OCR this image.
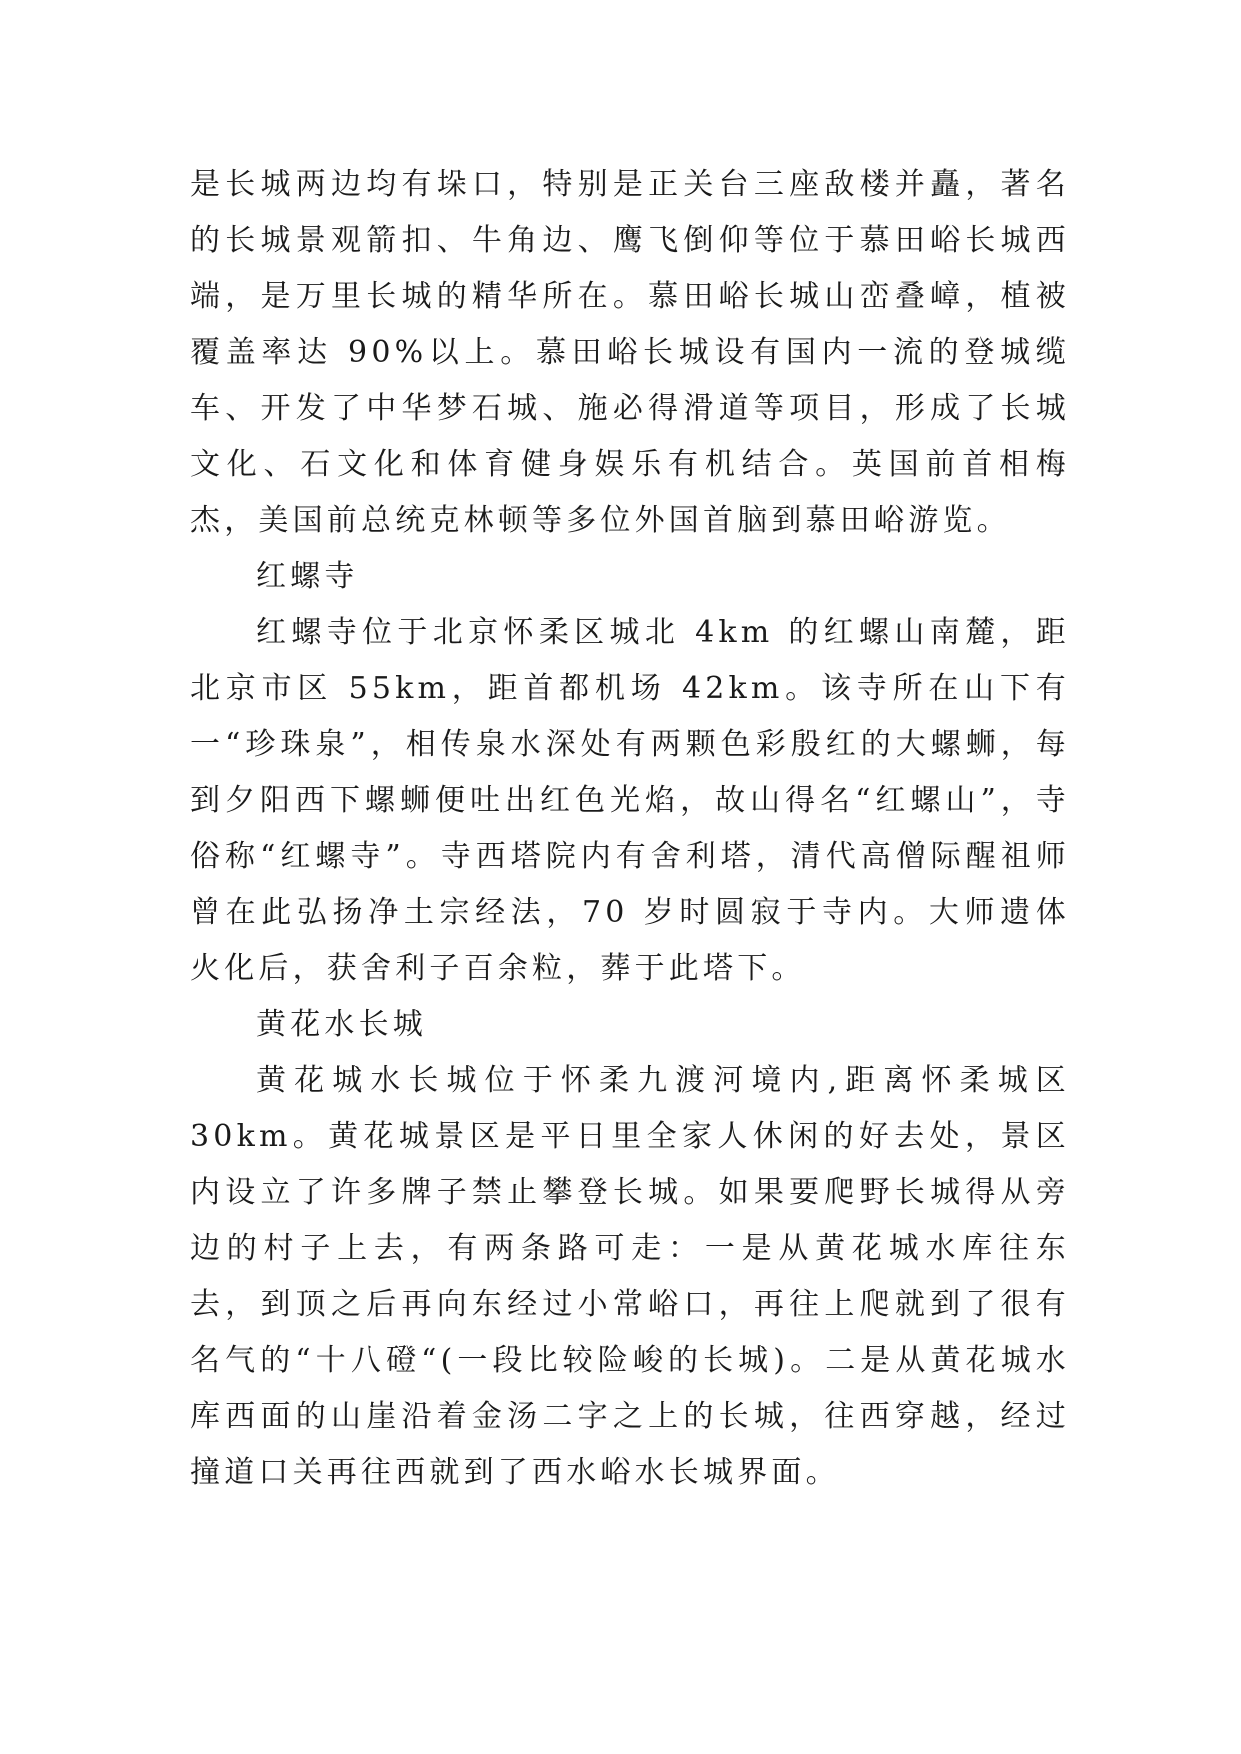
是长城两边均有垛口，特别是正关台三座敌楼并矗，著名的长城景观箭扣、牛角边、鹰飞倒仰等位于慕田峪长城西端，是万里长城的精华所在。慕田峪长城山峦叠嶂，植被覆盖率达 90%以上。慕田峪长城设有国内一流的登城缆车、开发了中华梦石城、施必得滑道等项目，形成了长城文化、石文化和体育健身娱乐有机结合。英国前首相梅杰，美国前总统克林顿等多位外国首脑到慕田峪游览。

红螺寺

红螺寺位于北京怀柔区城北 4km 的红螺山南麓，距北京市区 55km，距首都机场 42km。该寺所在山下有一“珍珠泉”，相传泉水深处有两颗色彩殷红的大螺蛳，每到夕阳西下螺蛳便吐出红色光焰，故山得名“红螺山”，寺俗称“红螺寺”。寺西塔院内有舍利塔，清代高僧际醒祖师曾在此弘扬净土宗经法，70 岁时圆寂于寺内。大师遗体火化后，获舍利子百余粒，葬于此塔下。

黄花水长城

黄花城水长城位于怀柔九渡河境内,距离怀柔城区30km。黄花城景区是平日里全家人休闲的好去处，景区内设立了许多牌子禁止攀登长城。如果要爬野长城得从旁边的村子上去，有两条路可走：一是从黄花城水库往东去，到顶之后再向东经过小常峪口，再往上爬就到了很有名气的“十八磴“(一段比较险峻的长城)。二是从黄花城水库西面的山崖沿着金汤二字之上的长城，往西穿越，经过撞道口关再往西就到了西水峪水长城界面。
